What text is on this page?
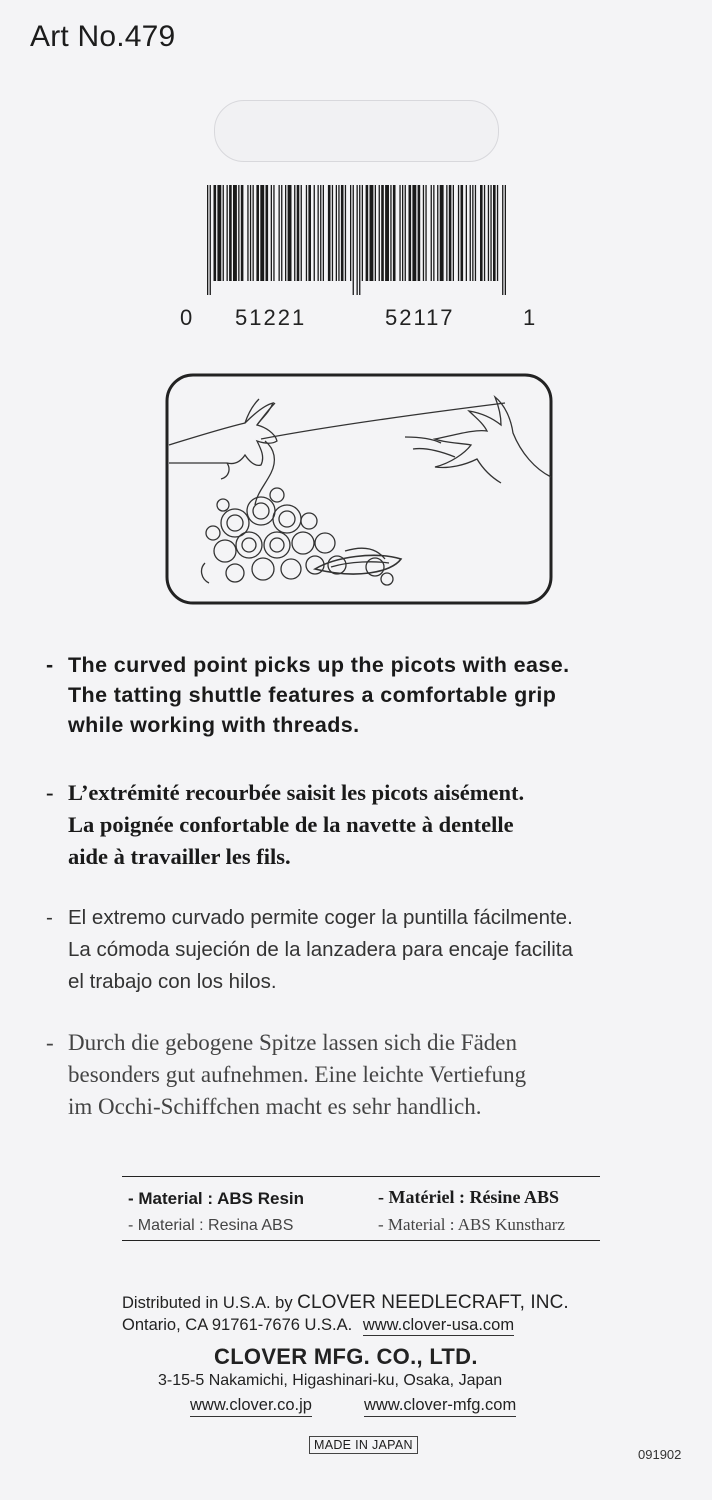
Art No.479
0 51221	52117	1
- The curved point picks up the picots with ease.
The tatting shuttle features a comfortable grip
while working with threads.
- L’extrémité recourbée saisit les picots aisément.
La poignée confortable de la navette à dentelle
aide à travailler les fils.
- El extremo curvado permite coger la puntilla fácilmente.
La cómoda sujeción de la lanzadera para encaje facilita
el trabajo con los hilos.
- Durch die gebogene Spitze lassen sich die Fäden
besonders gut aufnehmen. Eine leichte Vertiefung
im Occhi-Schiffchen macht es sehr handlich.
- Material : ABS Resin	- Matériel : Résine ABS
- Material : Resina ABS	- Material : ABS Kunstharz
Distributed in U.S.A. by CLOVER NEEDLECRAFT, INC.
Ontario, CA 91761-7676 U.S.A. www.clover-usa.com
CLOVER MFG. CO., LTD.
3-15-5 Nakamichi, Higashinari-ku, Osaka, Japan
www.clover.co.jp	www.clover-mfg.com
MADE IN JAPAN
091902
